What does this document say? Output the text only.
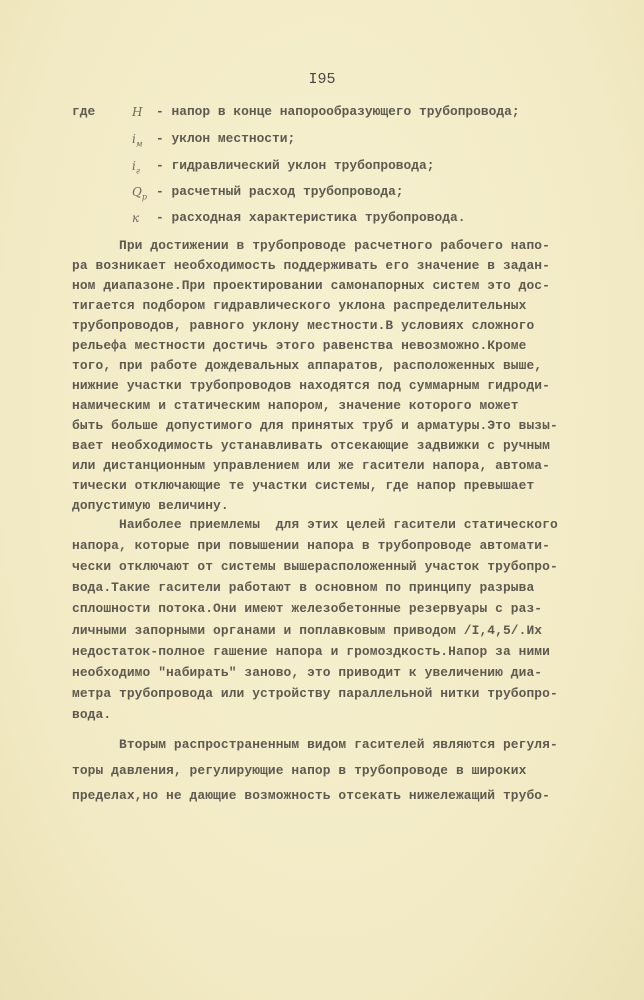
I95
где	H - напор в конце напорообразующего трубопровода;
$i_м$ - уклон местности;
$i_г$ - гидравлический уклон трубопровода;
$Q_р$ - расчетный расход трубопровода;
к - расходная характеристика трубопровода.
При достижении в трубопроводе расчетного рабочего напо-
ра возникает необходимость поддерживать его значение в задан-
ном диапазоне.При проектировании самонапорных систем это дос-
тигается подбором гидравлического уклона распределительных
трубопроводов, равного уклону местности.В условиях сложного
рельефа местности достичь этого равенства невозможно.Кроме
того, при работе дождевальных аппаратов, расположенных выше,
нижние участки трубопроводов находятся под суммарным гидроди-
намическим и статическим напором, значение которого может
быть больше допустимого для принятых труб и арматуры.Это вызы-
вает необходимость устанавливать отсекающие задвижки с ручным
или дистанционным управлением или же гасители напора, автома-
тически отключающие те участки системы, где напор превышает
допустимую величину.
Наиболее приемлемы  для этих целей гасители статического
напора, которые при повышении напора в трубопроводе автомати-
чески отключают от системы вышерасположенный участок трубопро-
вода.Такие гасители работают в основном по принципу разрыва
сплошности потока.Они имеют железобетонные резервуары с раз-
личными запорными органами и поплавковым приводом /I,4,5/.Их
недостаток-полное гашение напора и громоздкость.Напор за ними
необходимо "набирать" заново, это приводит к увеличению диа-
метра трубопровода или устройству параллельной нитки трубопро-
вода.
Вторым распространенным видом гасителей являются регуля-
торы давления, регулирующие напор в трубопроводе в широких
пределах,но не дающие возможность отсекать нижележащий трубо-
